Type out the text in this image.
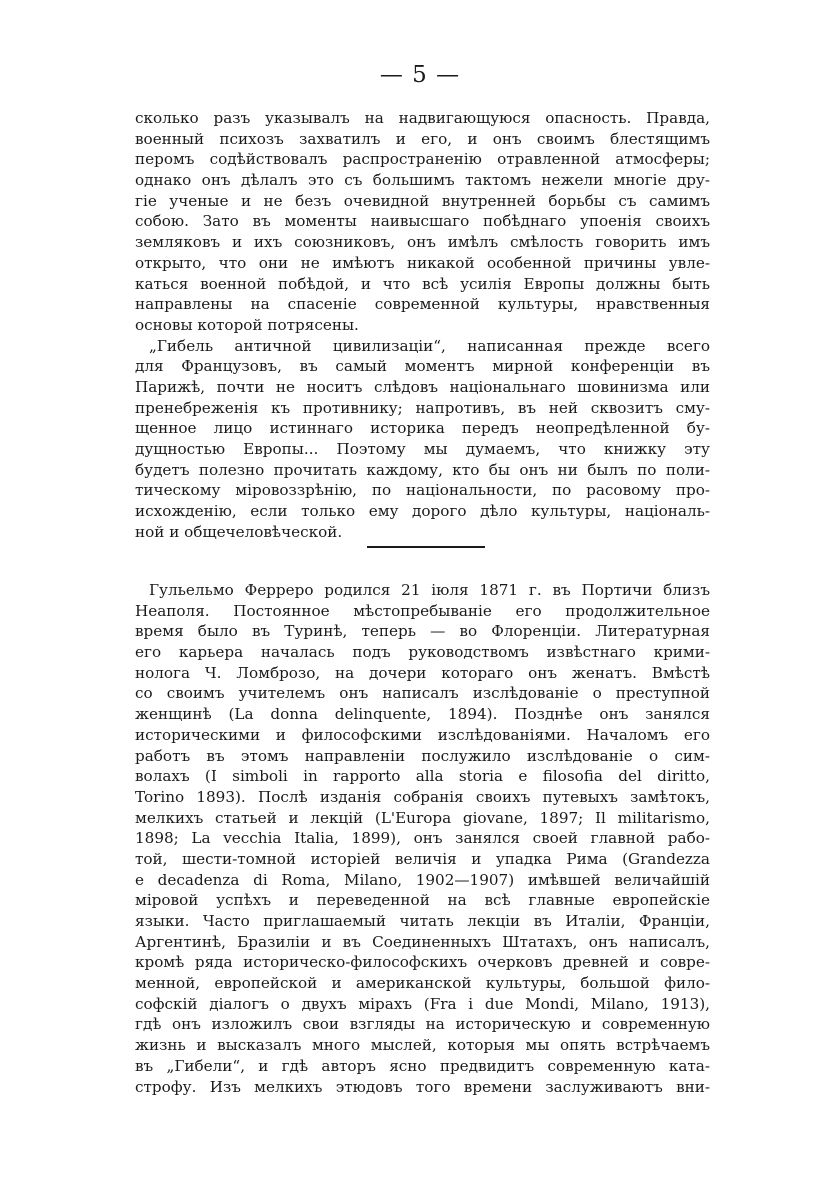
— 5 —
сколько разъ указывалъ на надвигающуюся опасность. Правда,
военный психозъ захватилъ и его, и онъ своимъ блестящимъ
перомъ содѣйствовалъ распространенію отравленной атмосферы;
однако онъ дѣлалъ это съ большимъ тактомъ нежели многіе дру-
гіе ученые и не безъ очевидной внутренней борьбы съ самимъ
собою. Зато въ моменты наивысшаго побѣднаго упоенія своихъ
земляковъ и ихъ союзниковъ, онъ имѣлъ смѣлость говорить имъ
открыто, что они не имѣютъ никакой особенной причины увле-
каться военной побѣдой, и что всѣ усилія Европы должны быть
направлены на спасеніе современной культуры, нравственныя
основы которой потрясены.
„Гибель античной цивилизаціи“, написанная прежде всего
для Французовъ, въ самый моментъ мирной конференціи въ
Парижѣ, почти не носитъ слѣдовъ національнаго шовинизма или
пренебреженія къ противнику; напротивъ, въ ней сквозитъ сму-
щенное лицо истиннаго историка передъ неопредѣленной бу-
дущностью Европы... Поэтому мы думаемъ, что книжку эту
будетъ полезно прочитать каждому, кто бы онъ ни былъ по поли-
тическому міровоззрѣнію, по національности, по расовому про-
исхожденію, если только ему дорого дѣло культуры, національ-
ной и общечеловѣческой.
Гульельмо Ферреро родился 21 іюля 1871 г. въ Портичи близъ
Неаполя. Постоянное мѣстопребываніе его продолжительное
время было въ Туринѣ, теперь — во Флоренціи. Литературная
его карьера началась подъ руководствомъ извѣстнаго крими-
нолога Ч. Ломброзо, на дочери котораго онъ женатъ. Вмѣстѣ
со своимъ учителемъ онъ написалъ изслѣдованіе о преступной
женщинѣ (La donna delinquente, 1894). Позднѣе онъ занялся
историческими и философскими изслѣдованіями. Началомъ его
работъ въ этомъ направленіи послужило изслѣдованіе о сим-
волахъ (I simboli in rapporto alla storia e filosofia del diritto,
Torino 1893). Послѣ изданія собранія своихъ путевыхъ замѣтокъ,
мелкихъ статьей и лекцій (L'Europa giovane, 1897; Il militarismo,
1898; La vecchia Italia, 1899), онъ занялся своей главной рабо-
той, шести-томной исторіей величія и упадка Рима (Grandezza
e decadenza di Roma, Milano, 1902—1907) имѣвшей величайшій
міровой успѣхъ и переведенной на всѣ главные европейскіе
языки. Часто приглашаемый читать лекціи въ Италіи, Франціи,
Аргентинѣ, Бразиліи и въ Соединенныхъ Штатахъ, онъ написалъ,
кромѣ ряда историческо-философскихъ очерковъ древней и совре-
менной, европейской и американской культуры, большой фило-
софскій діалогъ о двухъ мірахъ (Fra i due Mondi, Milano, 1913),
гдѣ онъ изложилъ свои взгляды на историческую и современную
жизнь и высказалъ много мыслей, которыя мы опять встрѣчаемъ
въ „Гибели“, и гдѣ авторъ ясно предвидитъ современную ката-
строфу. Изъ мелкихъ этюдовъ того времени заслуживаютъ вни-
